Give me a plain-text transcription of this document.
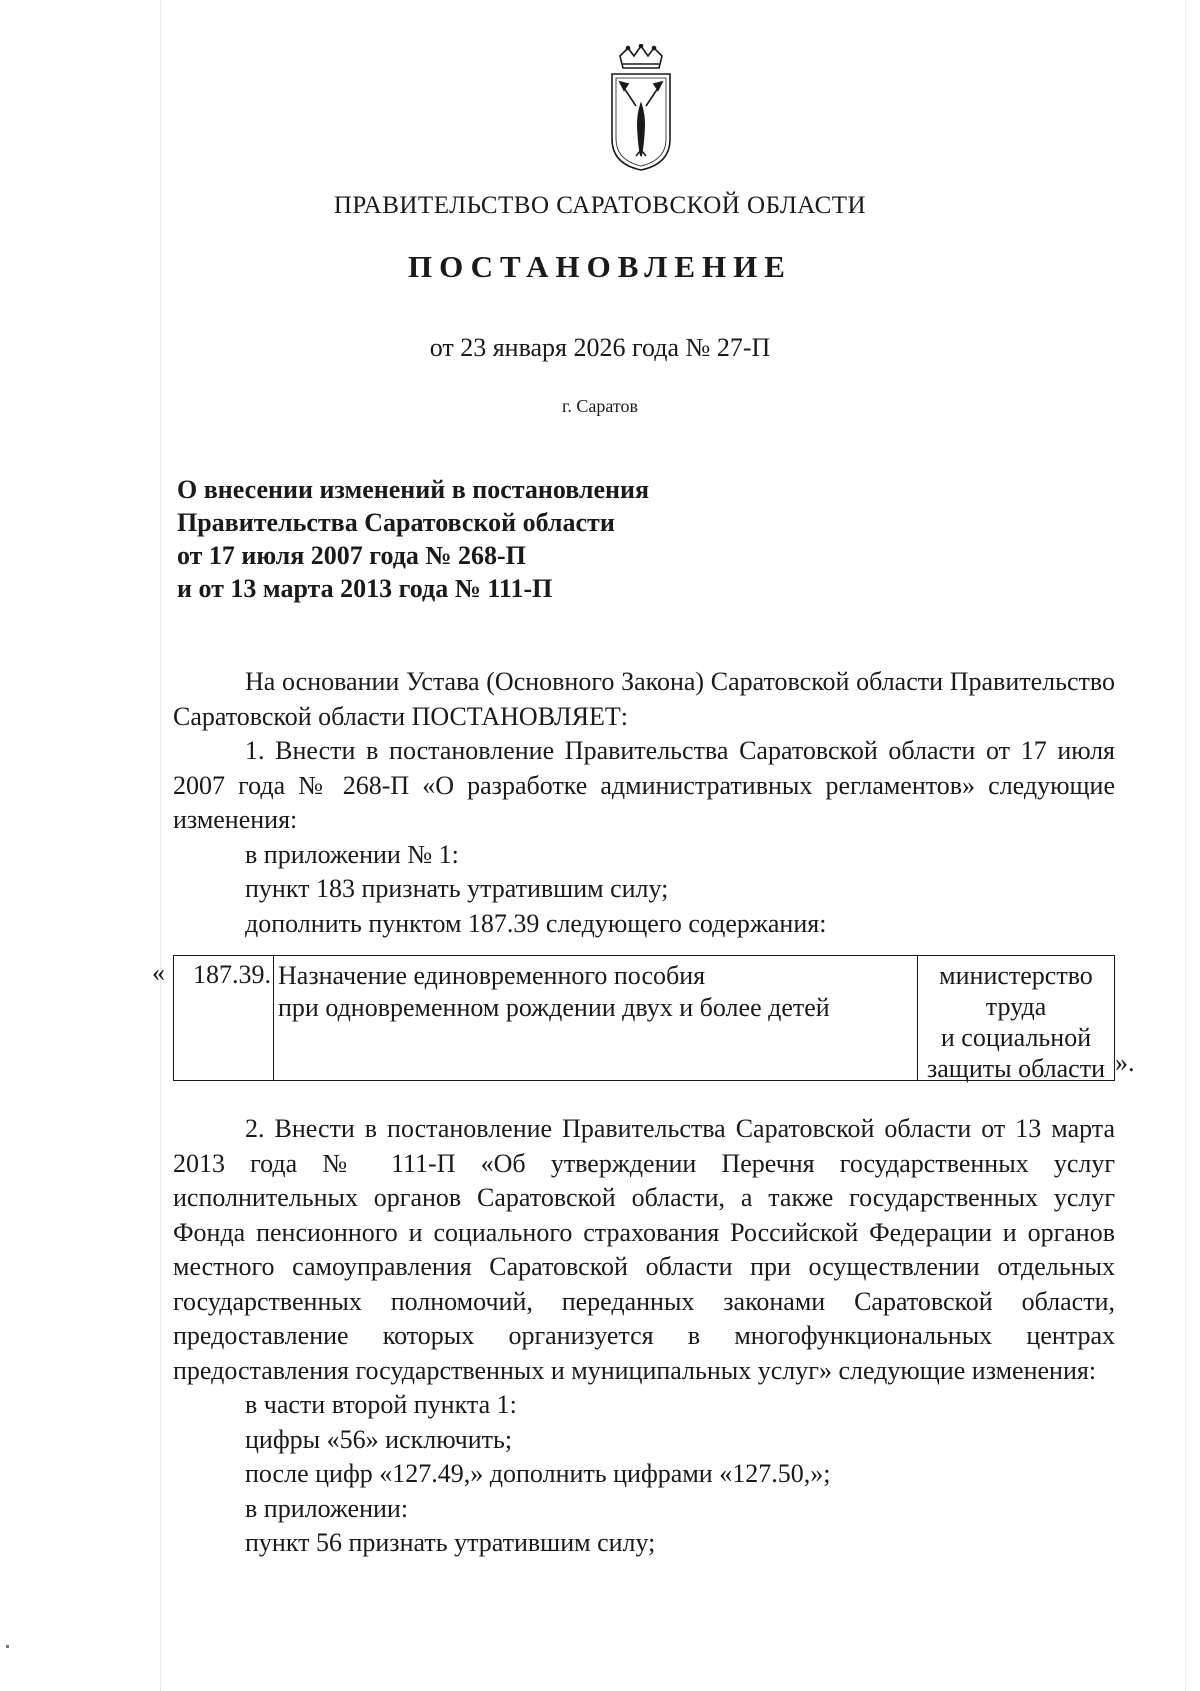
ПРАВИТЕЛЬСТВО САРАТОВСКОЙ ОБЛАСТИ
ПОСТАНОВЛЕНИЕ
от 23 января 2026 года № 27-П
г. Саратов
О внесении изменений в постановления
Правительства Саратовской области
от 17 июля 2007 года № 268-П
и от 13 марта 2013 года № 111-П

На основании Устава (Основного Закона) Саратовской области Правительство Саратовской области ПОСТАНОВЛЯЕТ:

1. Внести в постановление Правительства Саратовской области от 17 июля 2007 года № 268-П «О разработке административных регламентов» следующие изменения:

в приложении № 1:
пункт 183 признать утратившим силу;
дополнить пунктом 187.39 следующего содержания:
«	187.39. Назначение единовременного пособия
при одновременном рождении двух и более детей
министерство
труда
и социальной
защиты области ».

2. Внести в постановление Правительства Саратовской области от 13 марта 2013 года № 111-П «Об утверждении Перечня государственных услуг исполнительных органов Саратовской области, а также государственных услуг Фонда пенсионного и социального страхования Российской Федерации и органов местного самоуправления Саратовской области при осуществлении отдельных государственных полномочий, переданных законами Саратовской области, предоставление которых организуется в многофункциональных центрах предоставления государственных и муниципальных услуг» следующие изменения:

в части второй пункта 1:
цифры «56» исключить;
после цифр «127.49,» дополнить цифрами «127.50,»;
в приложении:
пункт 56 признать утратившим силу;
